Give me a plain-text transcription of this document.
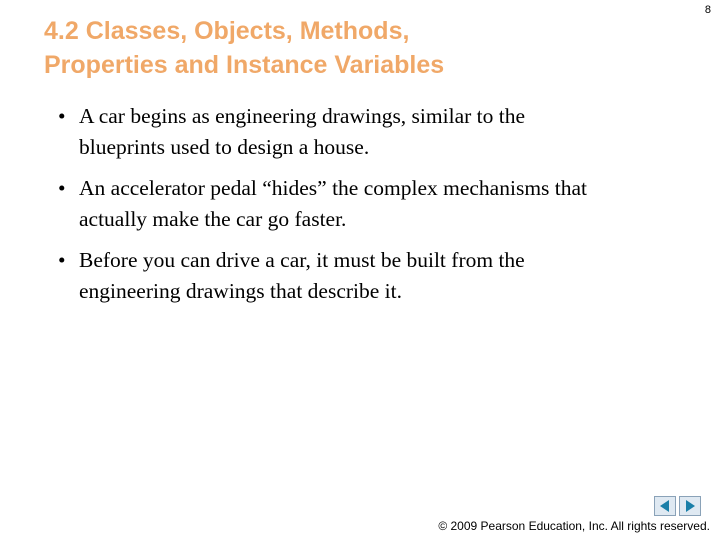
8
4.2 Classes, Objects, Methods,
Properties and Instance Variables
• A car begins as engineering drawings, similar to the
blueprints used to design a house.
• An accelerator pedal “hides” the complex mechanisms that
actually make the car go faster.
• Before you can drive a car, it must be built from the
engineering drawings that describe it.
© 2009 Pearson Education, Inc. All rights reserved.
